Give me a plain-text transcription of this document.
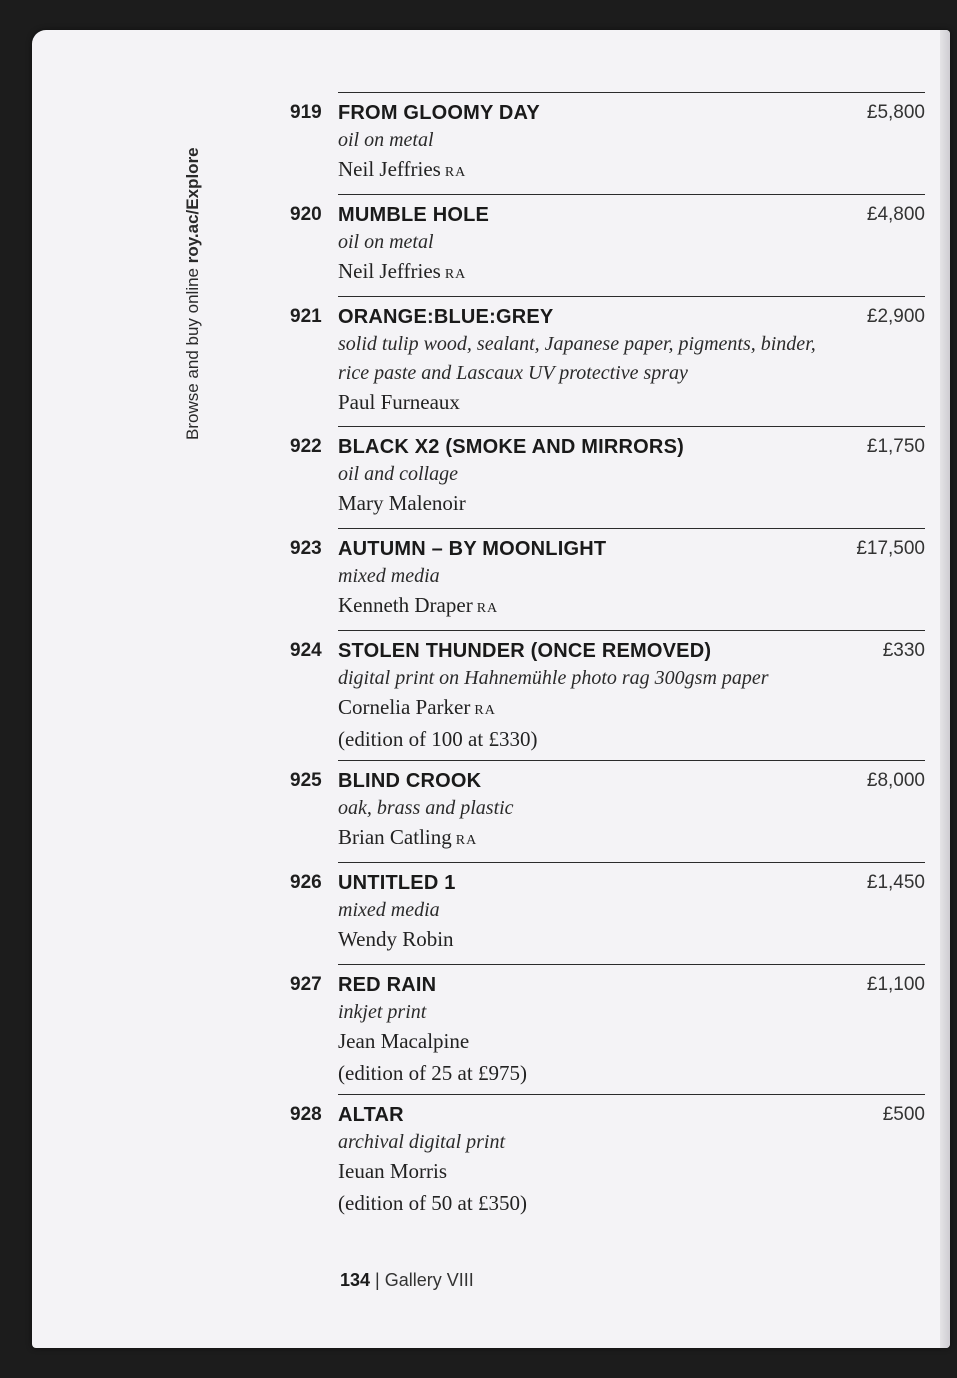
Browse and buy online roy.ac/Explore
919 FROM GLOOMY DAY
oil on metal
Neil Jeffries RA
£5,800
920 MUMBLE HOLE
oil on metal
Neil Jeffries RA
£4,800
921 ORANGE:BLUE:GREY
solid tulip wood, sealant, Japanese paper, pigments, binder, rice paste and Lascaux UV protective spray
Paul Furneaux
£2,900
922 BLACK X2 (SMOKE AND MIRRORS)
oil and collage
Mary Malenoir
£1,750
923 AUTUMN – BY MOONLIGHT
mixed media
Kenneth Draper RA
£17,500
924 STOLEN THUNDER (ONCE REMOVED)
digital print on Hahnemühle photo rag 300gsm paper
Cornelia Parker RA
(edition of 100 at £330)
£330
925 BLIND CROOK
oak, brass and plastic
Brian Catling RA
£8,000
926 UNTITLED 1
mixed media
Wendy Robin
£1,450
927 RED RAIN
inkjet print
Jean Macalpine
(edition of 25 at £975)
£1,100
928 ALTAR
archival digital print
Ieuan Morris
(edition of 50 at £350)
£500
134 | Gallery VIII
